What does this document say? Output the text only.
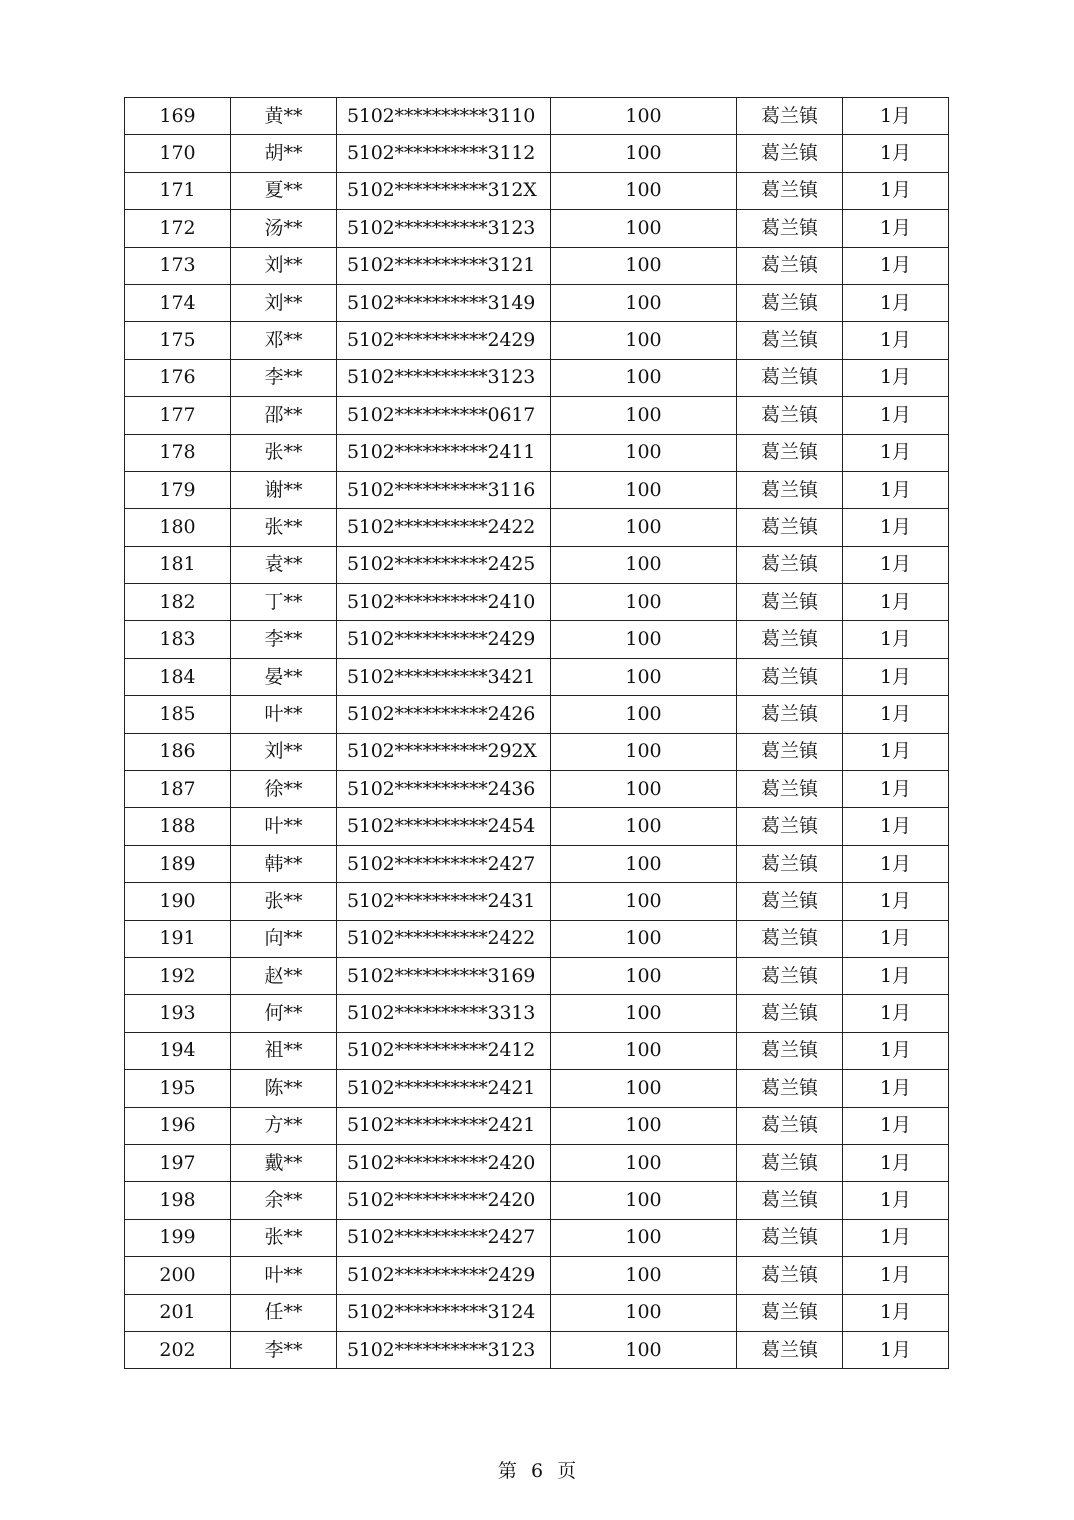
169	黄**	5102**********3110	100	葛兰镇	1月
170	胡**	5102**********3112	100	葛兰镇	1月
171	夏**	5102**********312X	100	葛兰镇	1月
172	汤**	5102**********3123	100	葛兰镇	1月
173	刘**	5102**********3121	100	葛兰镇	1月
174	刘**	5102**********3149	100	葛兰镇	1月
175	邓**	5102**********2429	100	葛兰镇	1月
176	李**	5102**********3123	100	葛兰镇	1月
177	邵**	5102**********0617	100	葛兰镇	1月
178	张**	5102**********2411	100	葛兰镇	1月
179	谢**	5102**********3116	100	葛兰镇	1月
180	张**	5102**********2422	100	葛兰镇	1月
181	袁**	5102**********2425	100	葛兰镇	1月
182	丁**	5102**********2410	100	葛兰镇	1月
183	李**	5102**********2429	100	葛兰镇	1月
184	晏**	5102**********3421	100	葛兰镇	1月
185	叶**	5102**********2426	100	葛兰镇	1月
186	刘**	5102**********292X	100	葛兰镇	1月
187	徐**	5102**********2436	100	葛兰镇	1月
188	叶**	5102**********2454	100	葛兰镇	1月
189	韩**	5102**********2427	100	葛兰镇	1月
190	张**	5102**********2431	100	葛兰镇	1月
191	向**	5102**********2422	100	葛兰镇	1月
192	赵**	5102**********3169	100	葛兰镇	1月
193	何**	5102**********3313	100	葛兰镇	1月
194	祖**	5102**********2412	100	葛兰镇	1月
195	陈**	5102**********2421	100	葛兰镇	1月
196	方**	5102**********2421	100	葛兰镇	1月
197	戴**	5102**********2420	100	葛兰镇	1月
198	余**	5102**********2420	100	葛兰镇	1月
199	张**	5102**********2427	100	葛兰镇	1月
200	叶**	5102**********2429	100	葛兰镇	1月
201	任**	5102**********3124	100	葛兰镇	1月
202	李**	5102**********3123	100	葛兰镇	1月
第 6 页
